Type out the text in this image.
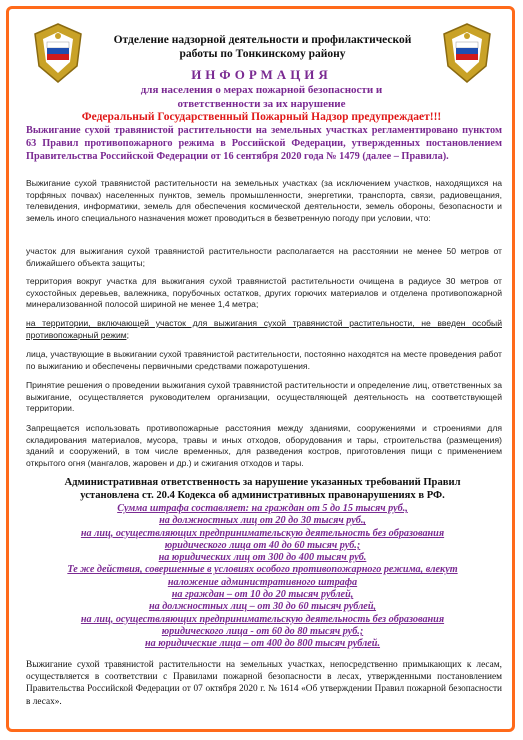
Отделение надзорной деятельности и профилактической
работы по Тонкинскому району
ИНФОРМАЦИЯ
для населения о мерах пожарной безопасности и
ответственности за их нарушение
Федеральный Государственный Пожарный Надзор предупреждает!!!
Выжигание сухой травянистой растительности на земельных участках регламентировано пунктом 63 Правил противопожарного режима в Российской Федерации, утвержденных постановлением Правительства Российской Федерации от 16 сентября 2020 года № 1479 (далее – Правила).
Выжигание сухой травянистой растительности на земельных участках (за исключением участков, находящихся на торфяных почвах) населенных пунктов, земель промышленности, энергетики, транспорта, связи, радиовещания, телевидения, информатики, земель для обеспечения космической деятельности, земель обороны, безопасности и земель иного специального назначения может проводиться в безветренную погоду при условии, что:
участок для выжигания сухой травянистой растительности располагается на расстоянии не менее 50 метров от ближайшего объекта защиты;
территория вокруг участка для выжигания сухой травянистой растительности очищена в радиусе 30 метров от сухостойных деревьев, валежника, порубочных остатков, других горючих материалов и отделена противопожарной минерализованной полосой шириной не менее 1,4 метра;
на территории, включающей участок для выжигания сухой травянистой растительности, не введен особый противопожарный режим;
лица, участвующие в выжигании сухой травянистой растительности, постоянно находятся на месте проведения работ по выжиганию и обеспечены первичными средствами пожаротушения.
Принятие решения о проведении выжигания сухой травянистой растительности и определение лиц, ответственных за выжигание, осуществляется руководителем организации, осуществляющей деятельность на соответствующей территории.
Запрещается использовать противопожарные расстояния между зданиями, сооружениями и строениями для складирования материалов, мусора, травы и иных отходов, оборудования и тары, строительства (размещения) зданий и сооружений, в том числе временных, для разведения костров, приготовления пищи с применением открытого огня (мангалов, жаровен и др.) и сжигания отходов и тары.
Административная ответственность за нарушение указанных требований Правил
установлена ст. 20.4 Кодекса об административных правонарушениях в РФ.
Сумма штрафа составляет: на граждан от 5 до 15 тысяч руб.,
на должностных лиц от 20 до 30 тысяч руб.,
на лиц, осуществляющих предпринимательскую деятельность без образования
юридического лица от 40 до 60 тысяч руб.;
на юридических лиц от 300 до 400 тысяч руб.
Те же действия, совершенные в условиях особого противопожарного режима, влекут
наложение административного штрафа
на граждан – от 10 до 20 тысяч рублей,
на должностных лиц – от 30 до 60 тысяч рублей,
на лиц, осуществляющих предпринимательскую деятельность без образования
юридического лица - от 60 до 80 тысяч руб.;
на юридические лица – от 400 до 800 тысяч рублей.
Выжигание сухой травянистой растительности на земельных участках, непосредственно примыкающих к лесам, осуществляется в соответствии с Правилами пожарной безопасности в лесах, утвержденными постановлением Правительства Российской Федерации от 07 октября 2020 г. № 1614 «Об утверждении Правил пожарной безопасности в лесах».
